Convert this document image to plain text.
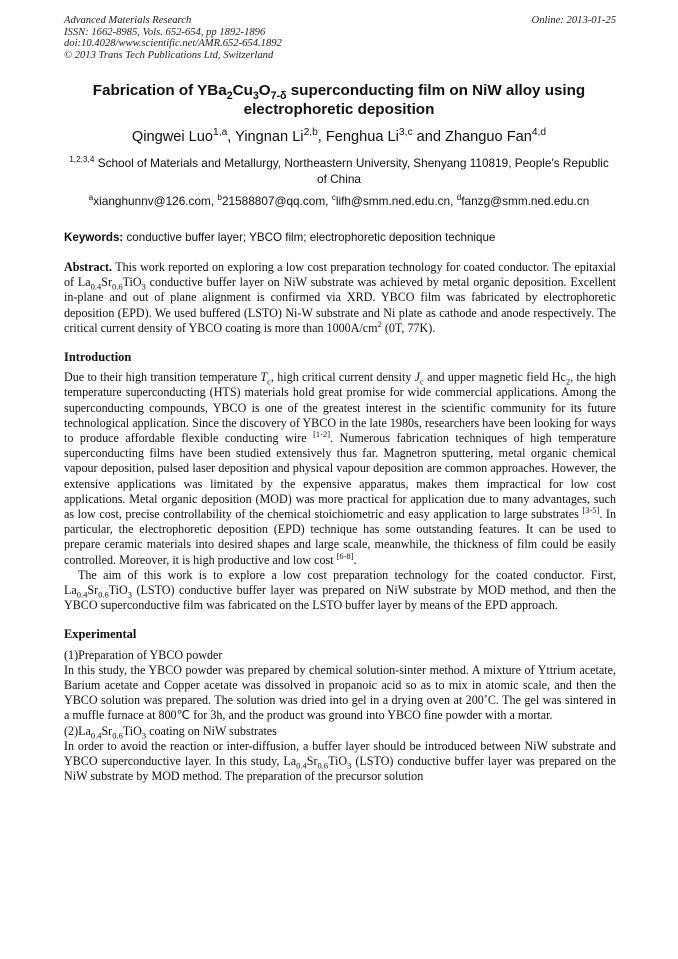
Advanced Materials Research
ISSN: 1662-8985, Vols. 652-654, pp 1892-1896
doi:10.4028/www.scientific.net/AMR.652-654.1892
© 2013 Trans Tech Publications Ltd, Switzerland
Online: 2013-01-25
Fabrication of $YBa_2Cu_3O_{7-\delta}$ superconducting film on NiW alloy using electrophoretic deposition
Qingwei Luo$^{1,a}$, Yingnan Li$^{2,b}$, Fenghua Li$^{3,c}$ and Zhanguo Fan$^{4,d}$
$^{1,2,3,4}$ School of Materials and Metallurgy, Northeastern University, Shenyang 110819, People's Republic of China
$^a$xianghunnv@126.com, $^b$21588807@qq.com, $^c$lifh@smm.ned.edu.cn, $^d$fanzg@smm.ned.edu.cn
Keywords: conductive buffer layer; YBCO film; electrophoretic deposition technique

Abstract. This work reported on exploring a low cost preparation technology for coated conductor. The epitaxial of $La_{0.4}Sr_{0.6}TiO_3$ conductive buffer layer on NiW substrate was achieved by metal organic deposition. Excellent in-plane and out of plane alignment is confirmed via XRD. YBCO film was fabricated by electrophoretic deposition (EPD). We used buffered (LSTO) Ni-W substrate and Ni plate as cathode and anode respectively. The critical current density of YBCO coating is more than $1000A/cm^2$ (0T, 77K).

Introduction

Due to their high transition temperature $T_c$, high critical current density $J_c$ and upper magnetic field $Hc_2$, the high temperature superconducting (HTS) materials hold great promise for wide commercial applications. Among the superconducting compounds, YBCO is one of the greatest interest in the scientific community for its future technological application. Since the discovery of YBCO in the late 1980s, researchers have been looking for ways to produce affordable flexible conducting wire [1-2]. Numerous fabrication techniques of high temperature superconducting films have been studied extensively thus far. Magnetron sputtering, metal organic chemical vapour deposition, pulsed laser deposition and physical vapour deposition are common approaches. However, the extensive applications was limitated by the expensive apparatus, makes them impractical for low cost applications. Metal organic deposition (MOD) was more practical for application due to many advantages, such as low cost, precise controllability of the chemical stoichiometric and easy application to large substrates [3-5]. In particular, the electrophoretic deposition (EPD) technique has some outstanding features. It can be used to prepare ceramic materials into desired shapes and large scale, meanwhile, the thickness of film could be easily controlled. Moreover, it is high productive and low cost [6-8].

The aim of this work is to explore a low cost preparation technology for the coated conductor. First, $La_{0.4}Sr_{0.6}TiO_3$ (LSTO) conductive buffer layer was prepared on NiW substrate by MOD method, and then the YBCO superconductive film was fabricated on the LSTO buffer layer by means of the EPD approach.

Experimental

(1)Preparation of YBCO powder

In this study, the YBCO powder was prepared by chemical solution-sinter method. A mixture of Yttrium acetate, Barium acetate and Copper acetate was dissolved in propanoic acid so as to mix in atomic scale, and then the YBCO solution was prepared. The solution was dried into gel in a drying oven at 200˚C. The gel was sintered in a muffle furnace at 800℃ for 3h, and the product was ground into YBCO fine powder with a mortar.

$(2)La_{0.4}Sr_{0.6}TiO_3$ coating on NiW substrates

In order to avoid the reaction or inter-diffusion, a buffer layer should be introduced between NiW substrate and YBCO superconductive layer. In this study, $La_{0.4}Sr_{0.6}TiO_3$ (LSTO) conductive buffer layer was prepared on the NiW substrate by MOD method. The preparation of the precursor solution
